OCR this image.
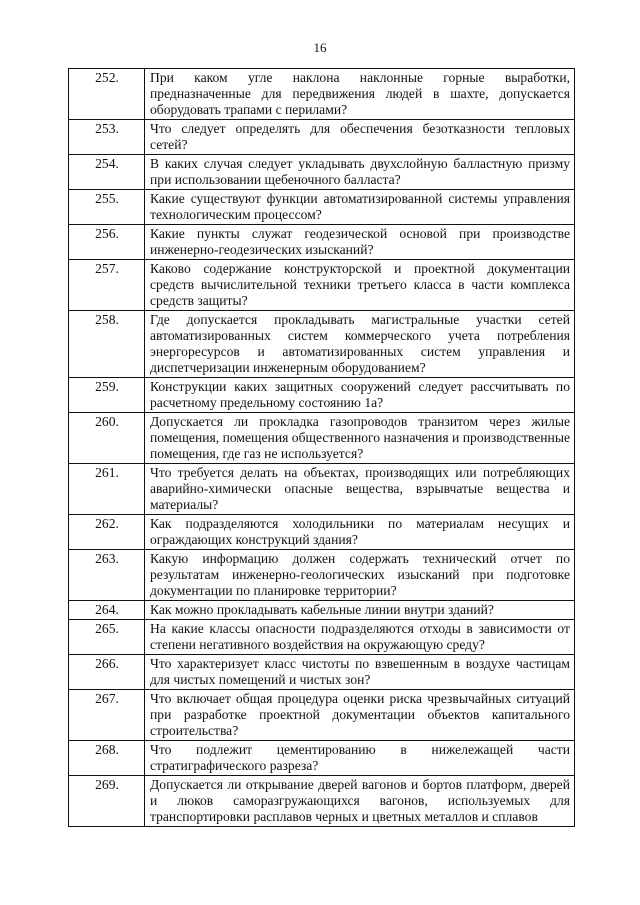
16
252.	При каком угле наклона наклонные горные выработки, предназначенные для передвижения людей в шахте, допускается оборудовать трапами с перилами?
253.	Что следует определять для обеспечения безотказности тепловых сетей?
254.	В каких случая следует укладывать двухслойную балластную призму при использовании щебеночного балласта?
255.	Какие существуют функции автоматизированной системы управления технологическим процессом?
256.	Какие пункты служат геодезической основой при производстве инженерно-геодезических изысканий?
257.	Каково содержание конструкторской и проектной документации средств вычислительной техники третьего класса в части комплекса средств защиты?
258.	Где допускается прокладывать магистральные участки сетей автоматизированных систем коммерческого учета потребления энергоресурсов и автоматизированных систем управления и диспетчеризации инженерным оборудованием?
259.	Конструкции каких защитных сооружений следует рассчитывать по расчетному предельному состоянию 1а?
260.	Допускается ли прокладка газопроводов транзитом через жилые помещения, помещения общественного назначения и производственные помещения, где газ не используется?
261.	Что требуется делать на объектах, производящих или потребляющих аварийно-химически опасные вещества, взрывчатые вещества и материалы?
262.	Как подразделяются холодильники по материалам несущих и ограждающих конструкций здания?
263.	Какую информацию должен содержать технический отчет по результатам инженерно-геологических изысканий при подготовке документации по планировке территории?
264.	Как можно прокладывать кабельные линии внутри зданий?
265.	На какие классы опасности подразделяются отходы в зависимости от степени негативного воздействия на окружающую среду?
266.	Что характеризует класс чистоты по взвешенным в воздухе частицам для чистых помещений и чистых зон?
267.	Что включает общая процедура оценки риска чрезвычайных ситуаций при разработке проектной документации объектов капитального строительства?
268.	Что подлежит цементированию в нижележащей части стратиграфического разреза?
269.	Допускается ли открывание дверей вагонов и бортов платформ, дверей и люков саморазгружающихся вагонов, используемых для транспортировки расплавов черных и цветных металлов и сплавов
